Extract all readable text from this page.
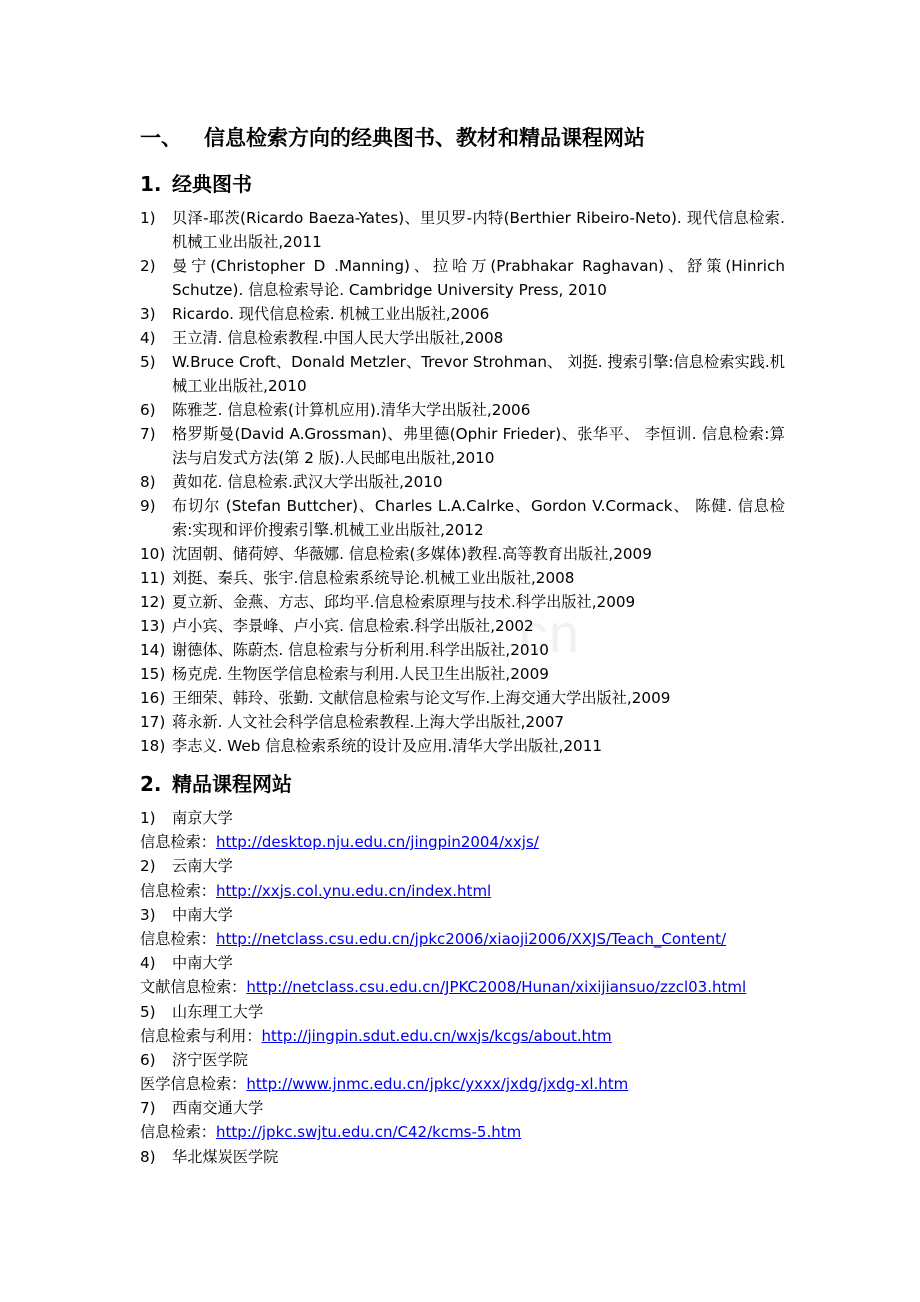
cn
一、	信息检索方向的经典图书、教材和精品课程网站
1. 经典图书
1)	贝泽-耶茨(Ricardo Baeza-Yates)、里贝罗-内特(Berthier Ribeiro-Neto). 现代信息检索.机械工业出版社,2011
2)	曼宁(Christopher D .Manning)、拉哈万(Prabhakar Raghavan)、舒策(Hinrich Schutze). 信息检索导论. Cambridge University Press, 2010
3)	Ricardo. 现代信息检索. 机械工业出版社,2006
4)	王立清. 信息检索教程.中国人民大学出版社,2008
5)	W.Bruce Croft、Donald Metzler、Trevor Strohman、 刘挺. 搜索引擎:信息检索实践.机械工业出版社,2010
6)	陈雅芝. 信息检索(计算机应用).清华大学出版社,2006
7)	格罗斯曼(David A.Grossman)、弗里德(Ophir Frieder)、张华平、 李恒训. 信息检索:算法与启发式方法(第 2 版).人民邮电出版社,2010
8)	黄如花. 信息检索.武汉大学出版社,2010
9)	布切尔 (Stefan Buttcher)、Charles L.A.Calrke、Gordon V.Cormack、 陈健. 信息检索:实现和评价搜索引擎.机械工业出版社,2012
10) 沈固朝、储荷婷、华薇娜. 信息检索(多媒体)教程.高等教育出版社,2009
11) 刘挺、秦兵、张宇.信息检索系统导论.机械工业出版社,2008
12) 夏立新、金燕、方志、邱均平.信息检索原理与技术.科学出版社,2009
13) 卢小宾、李景峰、卢小宾. 信息检索.科学出版社,2002
14) 谢德体、陈蔚杰. 信息检索与分析利用.科学出版社,2010
15) 杨克虎. 生物医学信息检索与利用.人民卫生出版社,2009
16) 王细荣、韩玲、张勤. 文献信息检索与论文写作.上海交通大学出版社,2009
17) 蒋永新. 人文社会科学信息检索教程.上海大学出版社,2007
18) 李志义. Web 信息检索系统的设计及应用.清华大学出版社,2011
2. 精品课程网站
1)	南京大学
信息检索：http://desktop.nju.edu.cn/jingpin2004/xxjs/
2)	云南大学
信息检索：http://xxjs.col.ynu.edu.cn/index.html
3)	中南大学
信息检索：http://netclass.csu.edu.cn/jpkc2006/xiaoji2006/XXJS/Teach_Content/
4)	中南大学
文献信息检索：http://netclass.csu.edu.cn/JPKC2008/Hunan/xixijiansuo/zzcl03.html
5)	山东理工大学
信息检索与利用：http://jingpin.sdut.edu.cn/wxjs/kcgs/about.htm
6)	济宁医学院
医学信息检索：http://www.jnmc.edu.cn/jpkc/yxxx/jxdg/jxdg-xl.htm
7)	西南交通大学
信息检索：http://jpkc.swjtu.edu.cn/C42/kcms-5.htm
8)	华北煤炭医学院
